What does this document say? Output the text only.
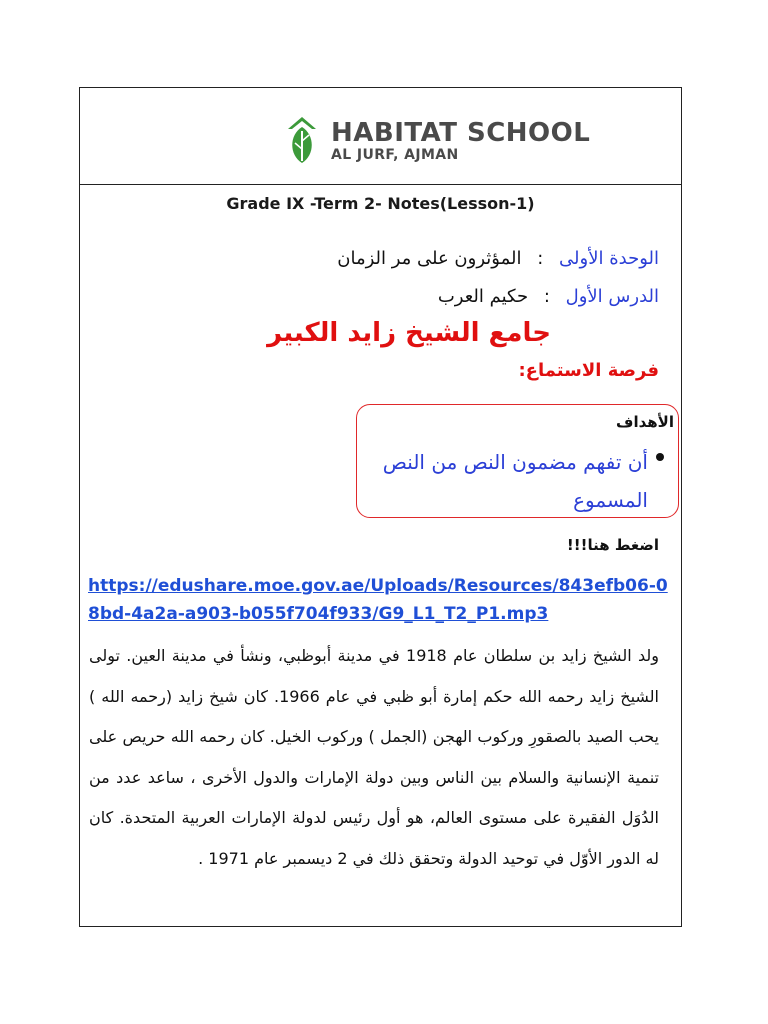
HABITAT SCHOOL
AL JURF, AJMAN
Grade IX -Term 2- Notes(Lesson-1)
الوحدة الأولى : المؤثرون على مر الزمان
الدرس الأول : حكيم العرب
جامع الشيخ زايد الكبير
فرصة الاستماع:
الأهداف
أن تفهم مضمون النص من النص المسموع
اضغط هنا!!!
https://edushare.moe.gov.ae/Uploads/Resources/843efb06-08bd-4a2a-a903-b055f704f933/G9_L1_T2_P1.mp3

ولد الشيخ زايد بن سلطان عام 1918 في مدينة أبوظبي، ونشأ في مدينة العين. تولى الشيخ زايد رحمه الله حكم إمارة أبو ظبي في عام 1966. كان شيخ زايد (رحمه الله ) يحب الصيد بالصقورِ وركوب الهجن (الجمل ) وركوب الخيل. كان رحمه الله حريص على تنمية الإنسانية والسلام بين الناس وبين دولة الإمارات والدول الأخرى ، ساعد عدد من الدُوَل الفقيرة على مستوى العالم، هو أول رئيس لدولة الإمارات العربية المتحدة. كان له الدور الأوّل في توحيد الدولة وتحقق ذلك في 2 ديسمبر عام 1971 .
